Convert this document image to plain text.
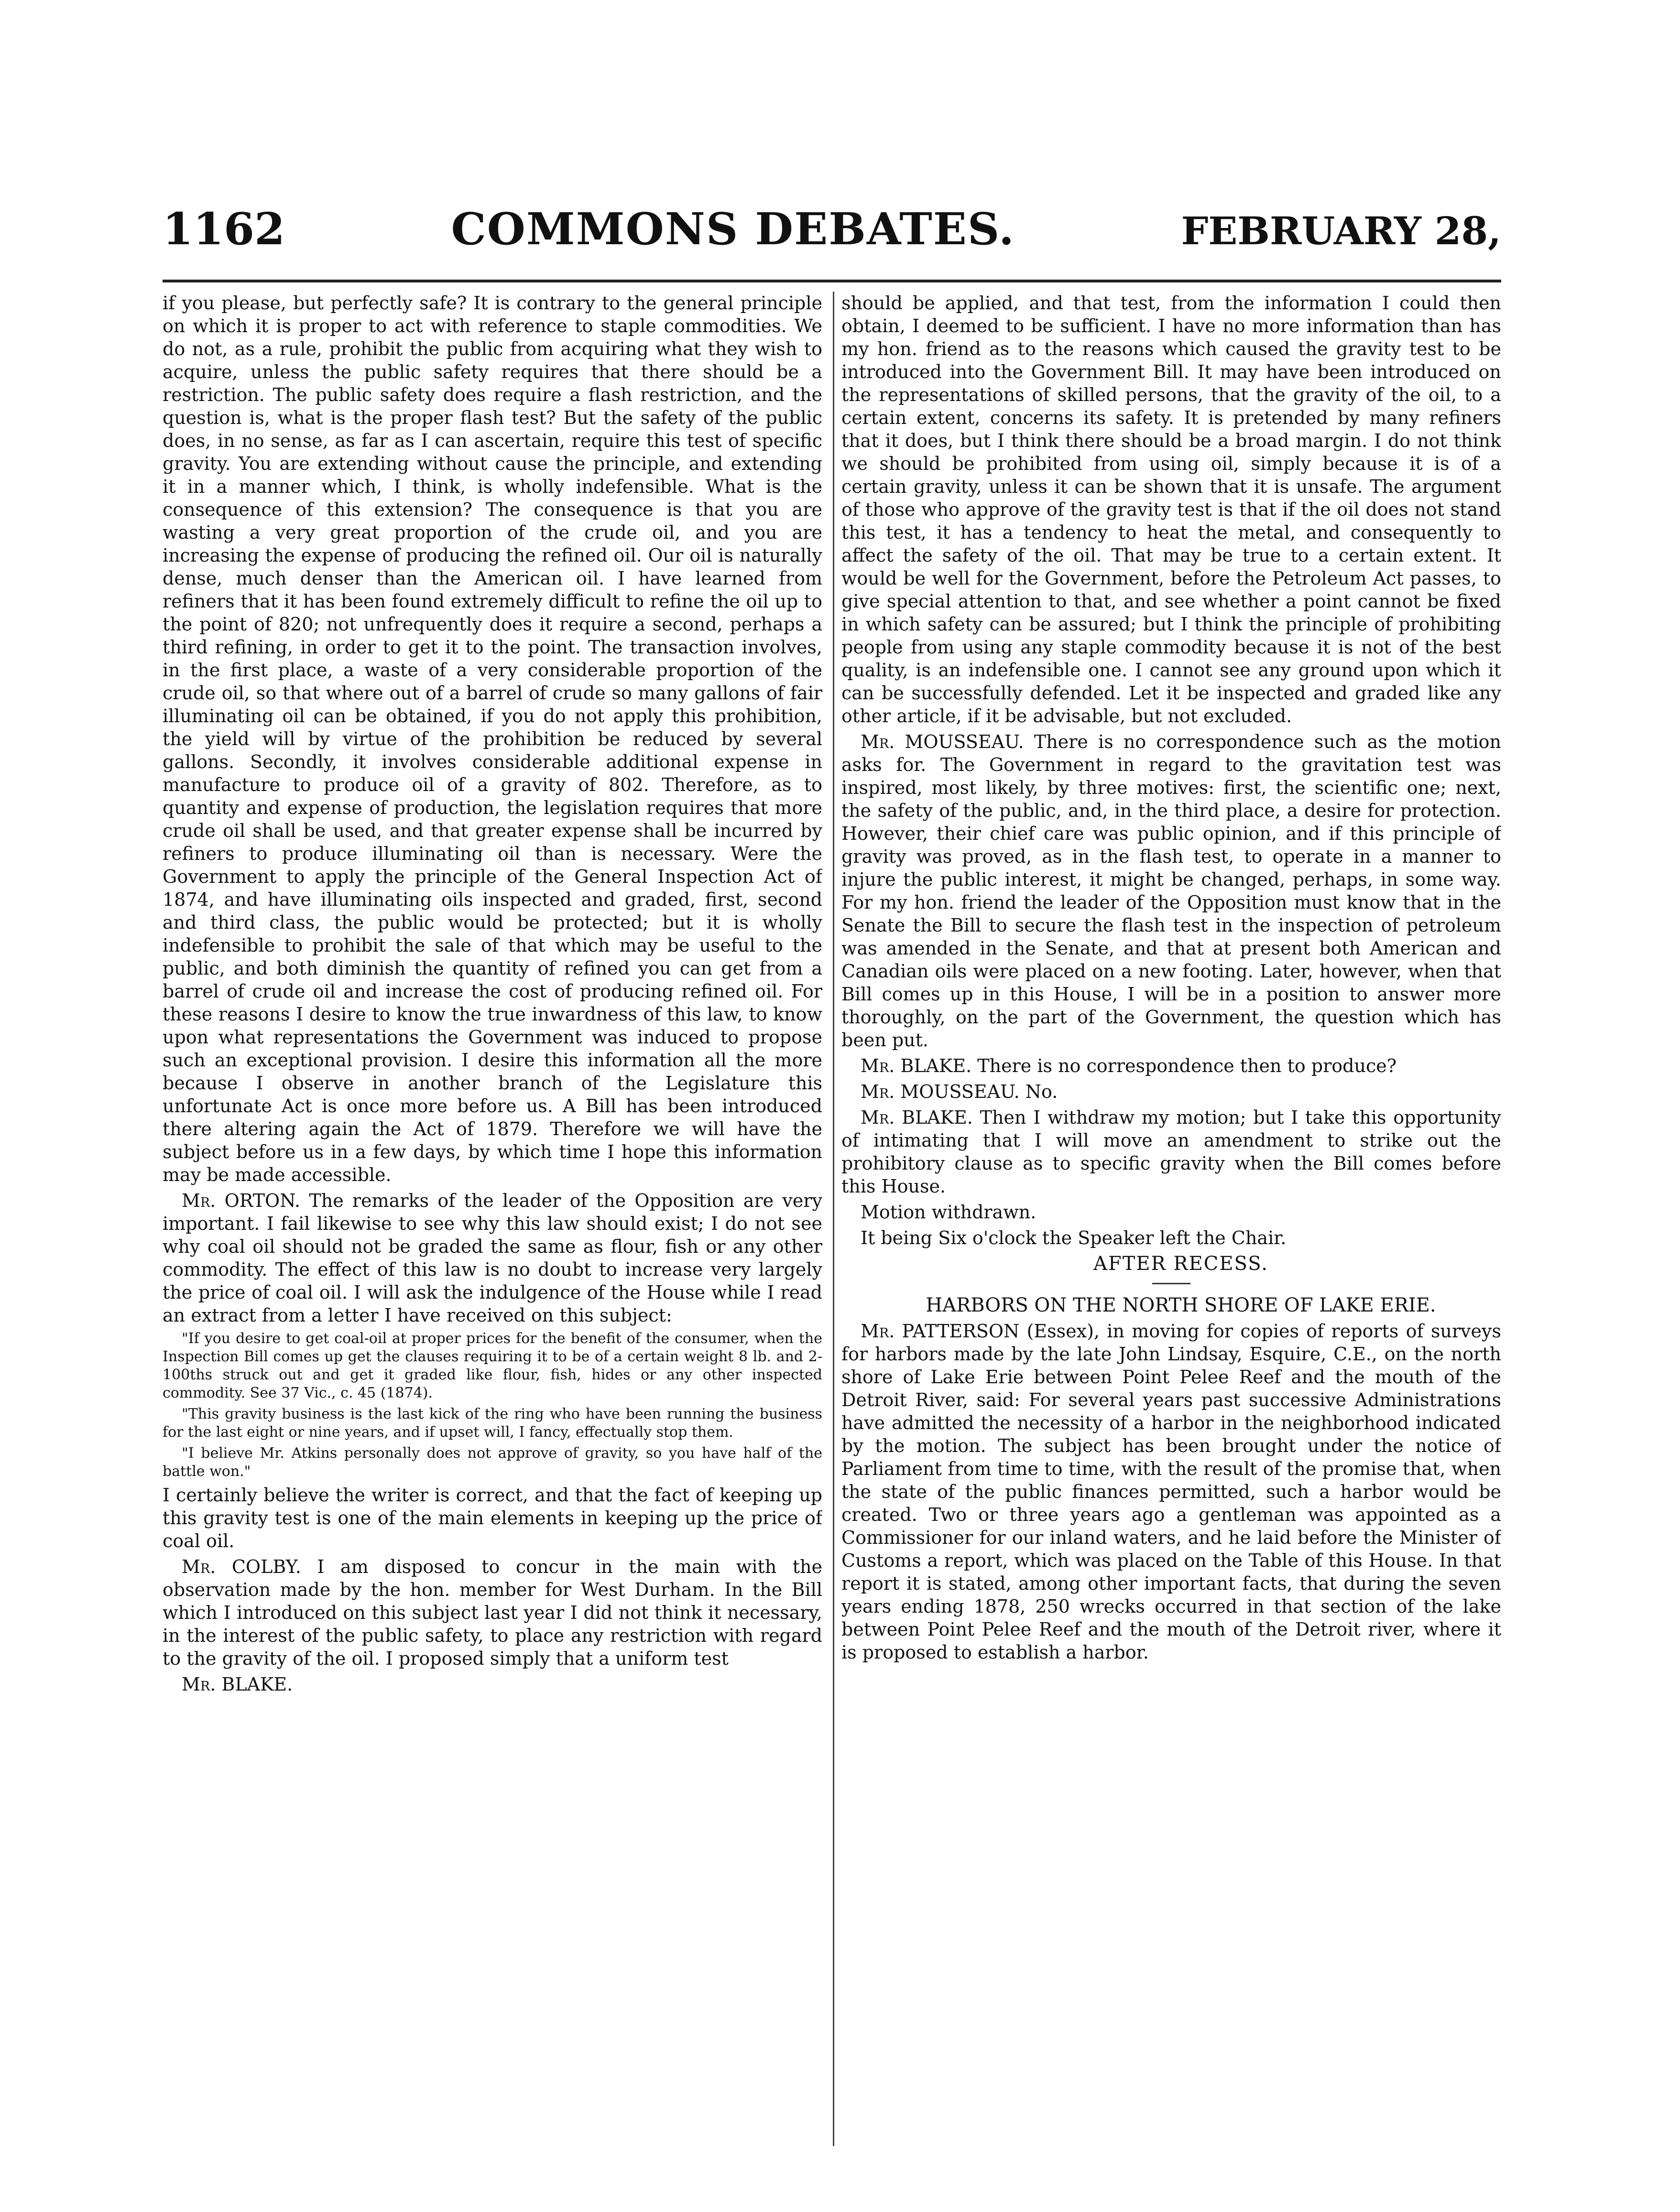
1162	COMMONS DEBATES.	FEBRUARY 28,

if you please, but perfectly safe? It is contrary to the general principle on which it is proper to act with reference to staple commodities. We do not, as a rule, prohibit the public from acquiring what they wish to acquire, unless the public safety requires that there should be a restriction. The public safety does require a flash restriction, and the question is, what is the proper flash test? But the safety of the public does, in no sense, as far as I can ascertain, require this test of specific gravity. You are extending without cause the principle, and extending it in a manner which, I think, is wholly indefensible. What is the consequence of this extension? The consequence is that you are wasting a very great proportion of the crude oil, and you are increasing the expense of producing the refined oil. Our oil is naturally dense, much denser than the American oil. I have learned from refiners that it has been found extremely difficult to refine the oil up to the point of 820; not unfrequently does it require a second, perhaps a third refining, in order to get it to the point. The transaction involves, in the first place, a waste of a very considerable proportion of the crude oil, so that where out of a barrel of crude so many gallons of fair illuminating oil can be obtained, if you do not apply this prohibition, the yield will by virtue of the prohibition be reduced by several gallons. Secondly, it involves considerable additional expense in manufacture to produce oil of a gravity of 802. Therefore, as to quantity and expense of production, the legislation requires that more crude oil shall be used, and that greater expense shall be incurred by refiners to produce illuminating oil than is necessary. Were the Government to apply the principle of the General Inspection Act of 1874, and have illuminating oils inspected and graded, first, second and third class, the public would be protected; but it is wholly indefensible to prohibit the sale of that which may be useful to the public, and both diminish the quantity of refined you can get from a barrel of crude oil and increase the cost of producing refined oil. For these reasons I desire to know the true inwardness of this law, to know upon what representations the Government was induced to propose such an exceptional provision. I desire this information all the more because I observe in another branch of the Legislature this unfortunate Act is once more before us. A Bill has been introduced there altering again the Act of 1879. Therefore we will have the subject before us in a few days, by which time I hope this information may be made accessible.

Mr. ORTON. The remarks of the leader of the Opposition are very important. I fail likewise to see why this law should exist; I do not see why coal oil should not be graded the same as flour, fish or any other commodity. The effect of this law is no doubt to increase very largely the price of coal oil. I will ask the indulgence of the House while I read an extract from a letter I have received on this subject:

"If you desire to get coal-oil at proper prices for the benefit of the consumer, when the Inspection Bill comes up get the clauses requiring it to be of a certain weight 8 lb. and 2-100ths struck out and get it graded like flour, fish, hides or any other inspected commodity. See 37 Vic., c. 45 (1874).

"This gravity business is the last kick of the ring who have been running the business for the last eight or nine years, and if upset will, I fancy, effectually stop them.

"I believe Mr. Atkins personally does not approve of gravity, so you have half of the battle won."

I certainly believe the writer is correct, and that the fact of keeping up this gravity test is one of the main elements in keeping up the price of coal oil.

Mr. COLBY. I am disposed to concur in the main with the observation made by the hon. member for West Durham. In the Bill which I introduced on this subject last year I did not think it necessary, in the interest of the public safety, to place any restriction with regard to the gravity of the oil. I proposed simply that a uniform test

Mr. BLAKE.

should be applied, and that test, from the information I could then obtain, I deemed to be sufficient. I have no more information than has my hon. friend as to the reasons which caused the gravity test to be introduced into the Government Bill. It may have been introduced on the representations of skilled persons, that the gravity of the oil, to a certain extent, concerns its safety. It is pretended by many refiners that it does, but I think there should be a broad margin. I do not think we should be prohibited from using oil, simply because it is of a certain gravity, unless it can be shown that it is unsafe. The argument of those who approve of the gravity test is that if the oil does not stand this test, it has a tendency to heat the metal, and consequently to affect the safety of the oil. That may be true to a certain extent. It would be well for the Government, before the Petroleum Act passes, to give special attention to that, and see whether a point cannot be fixed in which safety can be assured; but I think the principle of prohibiting people from using any staple commodity because it is not of the best quality, is an indefensible one. I cannot see any ground upon which it can be successfully defended. Let it be inspected and graded like any other article, if it be advisable, but not excluded.

Mr. MOUSSEAU. There is no correspondence such as the motion asks for. The Government in regard to the gravitation test was inspired, most likely, by three motives: first, the scientific one; next, the safety of the public, and, in the third place, a desire for protection. However, their chief care was public opinion, and if this principle of gravity was proved, as in the flash test, to operate in a manner to injure the public interest, it might be changed, perhaps, in some way. For my hon. friend the leader of the Opposition must know that in the Senate the Bill to secure the flash test in the inspection of petroleum was amended in the Senate, and that at present both American and Canadian oils were placed on a new footing. Later, however, when that Bill comes up in this House, I will be in a position to answer more thoroughly, on the part of the Government, the question which has been put.

Mr. BLAKE. There is no correspondence then to produce?

Mr. MOUSSEAU. No.

Mr. BLAKE. Then I withdraw my motion; but I take this opportunity of intimating that I will move an amendment to strike out the prohibitory clause as to specific gravity when the Bill comes before this House.

Motion withdrawn.

It being Six o'clock the Speaker left the Chair.

AFTER RECESS.

HARBORS ON THE NORTH SHORE OF LAKE ERIE.

Mr. PATTERSON (Essex), in moving for copies of reports of surveys for harbors made by the late John Lindsay, Esquire, C.E., on the north shore of Lake Erie between Point Pelee Reef and the mouth of the Detroit River, said: For several years past successive Administrations have admitted the necessity of a harbor in the neighborhood indicated by the motion. The subject has been brought under the notice of Parliament from time to time, with the result of the promise that, when the state of the public finances permitted, such a harbor would be created. Two or three years ago a gentleman was appointed as a Commissioner for our inland waters, and he laid before the Minister of Customs a report, which was placed on the Table of this House. In that report it is stated, among other important facts, that during the seven years ending 1878, 250 wrecks occurred in that section of the lake between Point Pelee Reef and the mouth of the Detroit river, where it is proposed to establish a harbor.
